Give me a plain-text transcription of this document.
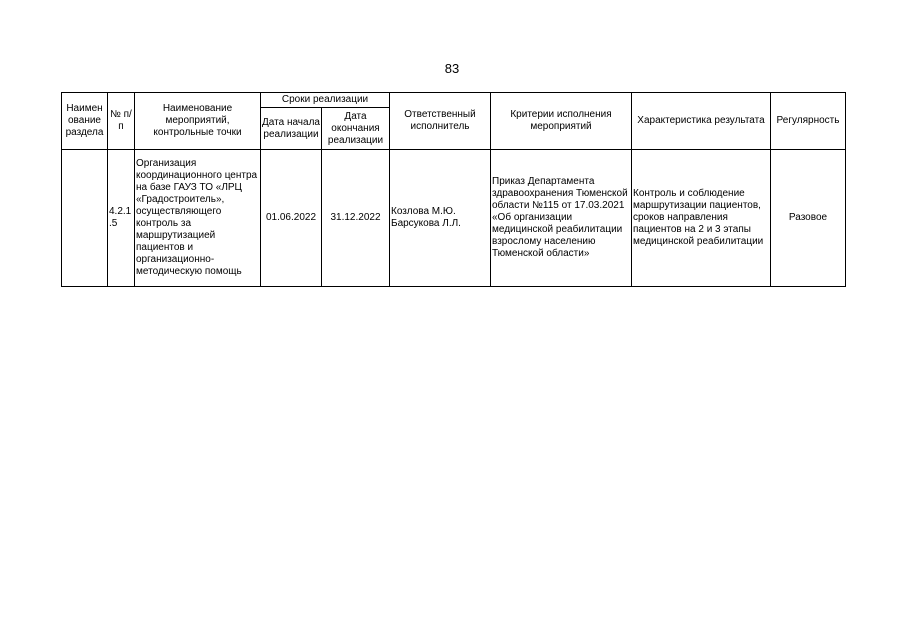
83
Наимен ование раздела	№ п/п	Наименование мероприятий, контрольные точки	Сроки реализации		Ответственный исполнитель	Критерии исполнения мероприятий	Характеристика результата	Регулярность
			Дата начала реализации	Дата окончания реализации				
	4.2.1.5	Организация координационного центра на базе ГАУЗ ТО «ЛРЦ «Градостроитель», осуществляющего контроль за маршрутизацией пациентов и организационно-методическую помощь	01.06.2022	31.12.2022	Козлова М.Ю. Барсукова Л.Л.	Приказ Департамента здравоохранения Тюменской области №115 от 17.03.2021 «Об организации медицинской реабилитации взрослому населению Тюменской области»	Контроль и соблюдение маршрутизации пациентов, сроков направления пациентов на 2 и 3 этапы медицинской реабилитации	Разовое
